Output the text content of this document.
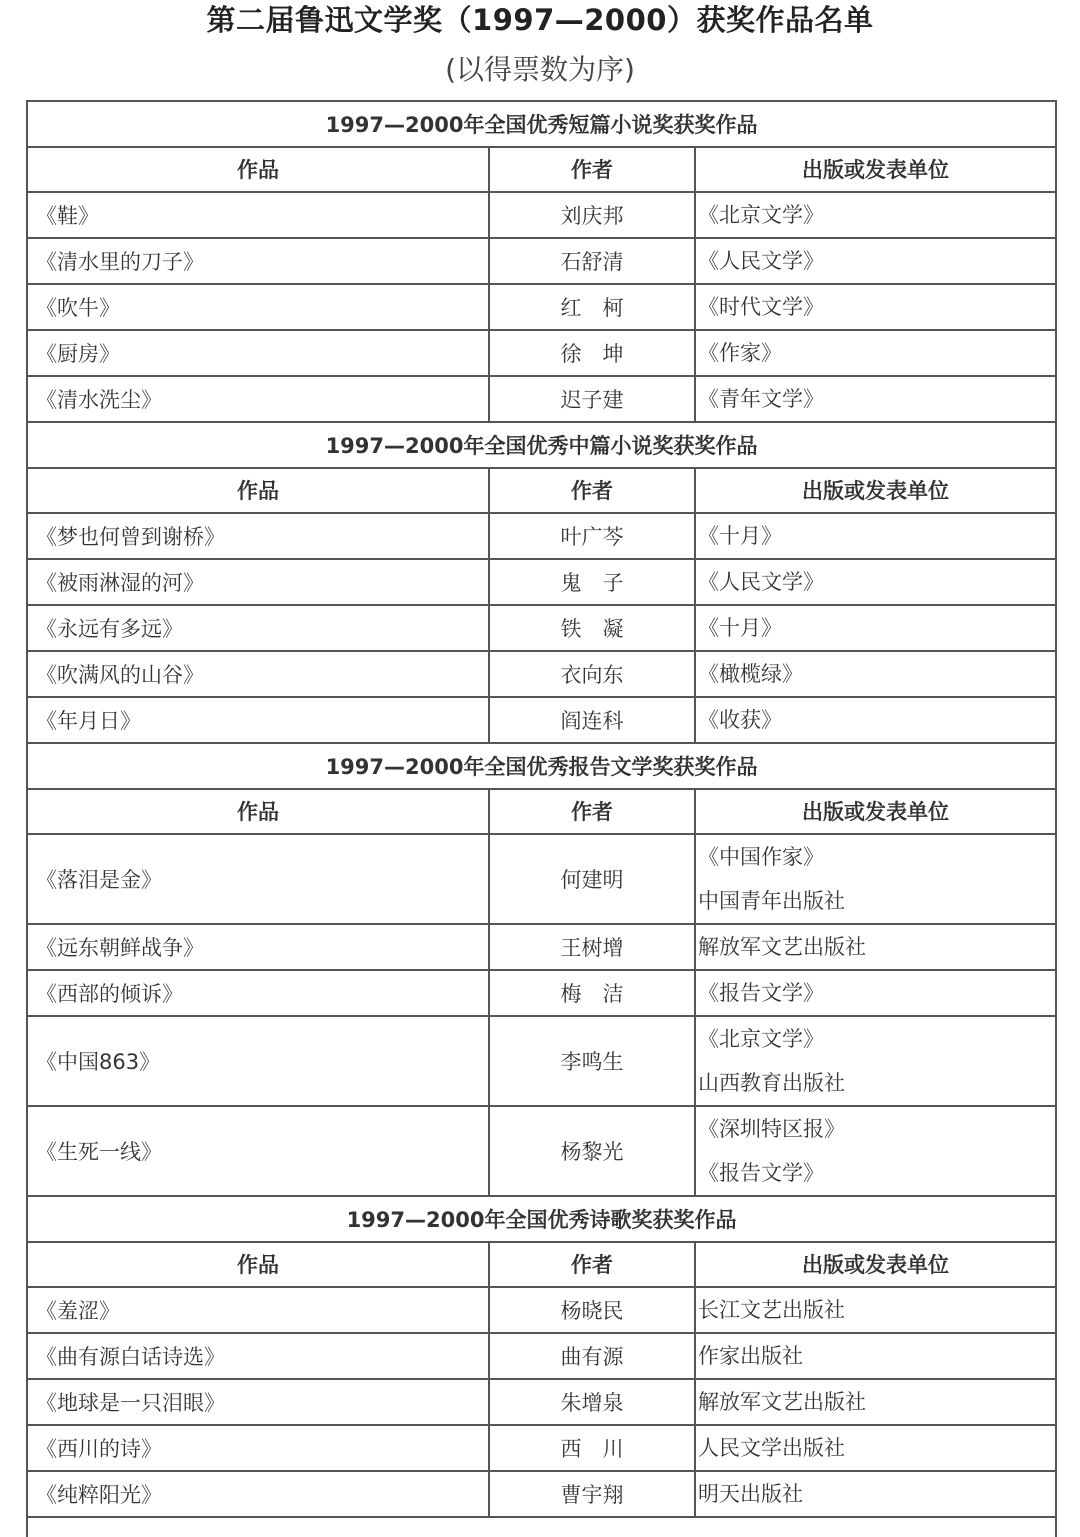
第二届鲁迅文学奖（1997—2000）获奖作品名单
(以得票数为序)
1997—2000年全国优秀短篇小说奖获奖作品		
作品	作者	出版或发表单位
《鞋》	刘庆邦	《北京文学》

《清水里的刀子》	石舒清	《人民文学》

《吹牛》	红　柯	《时代文学》

《厨房》	徐　坤	《作家》

《清水洗尘》	迟子建	《青年文学》

1997—2000年全国优秀中篇小说奖获奖作品		
作品	作者	出版或发表单位
《梦也何曾到谢桥》	叶广芩	《十月》

《被雨淋湿的河》	鬼　子	《人民文学》

《永远有多远》	铁　凝	《十月》

《吹满风的山谷》	衣向东	《橄榄绿》

《年月日》	阎连科	《收获》

1997—2000年全国优秀报告文学奖获奖作品		
作品	作者	出版或发表单位
《落泪是金》	何建明	《中国作家》
中国青年出版社

《远东朝鲜战争》	王树增	解放军文艺出版社

《西部的倾诉》	梅　洁	《报告文学》

《中国863》	李鸣生	《北京文学》
山西教育出版社

《生死一线》	杨黎光	《深圳特区报》
《报告文学》

1997—2000年全国优秀诗歌奖获奖作品		
作品	作者	出版或发表单位
《羞涩》	杨晓民	长江文艺出版社

《曲有源白话诗选》	曲有源	作家出版社

《地球是一只泪眼》	朱增泉	解放军文艺出版社

《西川的诗》	西　川	人民文学出版社

《纯粹阳光》	曹宇翔	明天出版社
